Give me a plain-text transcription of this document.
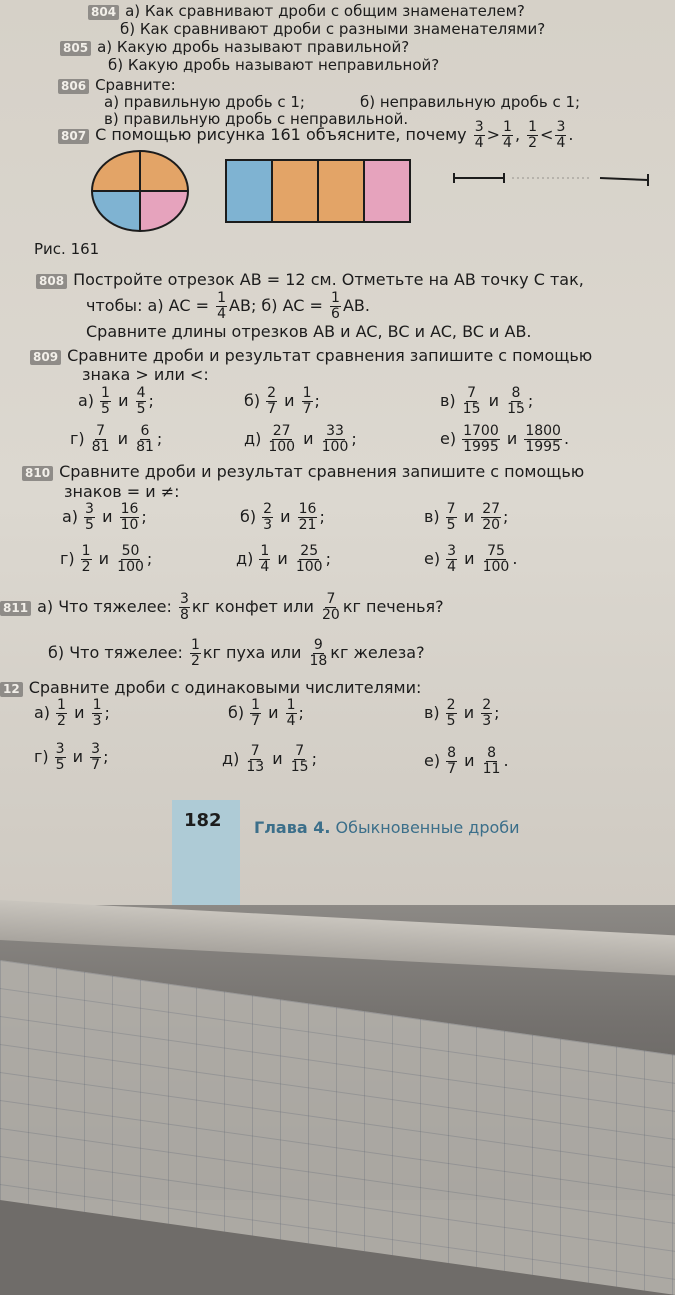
804 а) Как сравнивают дроби с общим знаменателем?
б) Как сравнивают дроби с разными знаменателями?
805 а) Какую дробь называют правильной?
б) Какую дробь называют неправильной?
806 Сравните:
а) правильную дробь с 1;	б) неправильную дробь с 1;
в) правильную дробь с неправильной.
807 С помощью рисунка 161 объясните, почему $\frac{3}{4} > \frac{1}{4}$ , $\frac{1}{2} < \frac{3}{4}$ .
Рис. 161
808 Постройте отрезок AB = 12 см. Отметьте на AB точку C так,
чтобы: а) AC = $\frac{1}{4}$ AB; б) AC = $\frac{1}{6}$ AB.
Сравните длины отрезков AB и AC, BC и AC, BC и AB.
809 Сравните дроби и результат сравнения запишите с помощью
знака > или <:
$а) \frac{1}{5}$ и $\frac{4}{5}$ ;	$б) \frac{2}{7}$ и $\frac{1}{7}$ ;	$в) \frac{7}{15}$ и $\frac{8}{15}$ ;
$г) \frac{7}{81}$ и $\frac{6}{81}$ ;	$д) \frac{27}{100}$ и $\frac{33}{100}$ ;	$е) \frac{1700}{1995}$ и $\frac{1800}{1995}$ .
810 Сравните дроби и результат сравнения запишите с помощью
знаков = и ≠:
$а) \frac{3}{5}$ и $\frac{16}{10}$ ;	$б) \frac{2}{3}$ и $\frac{16}{21}$ ;	$в) \frac{7}{5}$ и $\frac{27}{20}$ ;
$г) \frac{1}{2}$ и $\frac{50}{100}$ ;	$д) \frac{1}{4}$ и $\frac{25}{100}$ ;	$е) \frac{3}{4}$ и $\frac{75}{100}$ .
811 а) Что тяжелее: $\frac{3}{8}$ кг конфет или $\frac{7}{20}$ кг печенья?
б) Что тяжелее: $\frac{1}{2}$ кг пуха или $\frac{9}{18}$ кг железа?
12 Сравните дроби с одинаковыми числителями:
$а) \frac{1}{2}$ и $\frac{1}{3}$ ;	$б) \frac{1}{7}$ и $\frac{1}{4}$ ;	$в) \frac{2}{5}$ и $\frac{2}{3}$ ;
$г) \frac{3}{5}$ и $\frac{3}{7}$ ;	$д) \frac{7}{13}$ и $\frac{7}{15}$ ;	$е) \frac{8}{7}$ и $\frac{8}{11}$ .
182 Глава 4. Обыкновенные дроби
